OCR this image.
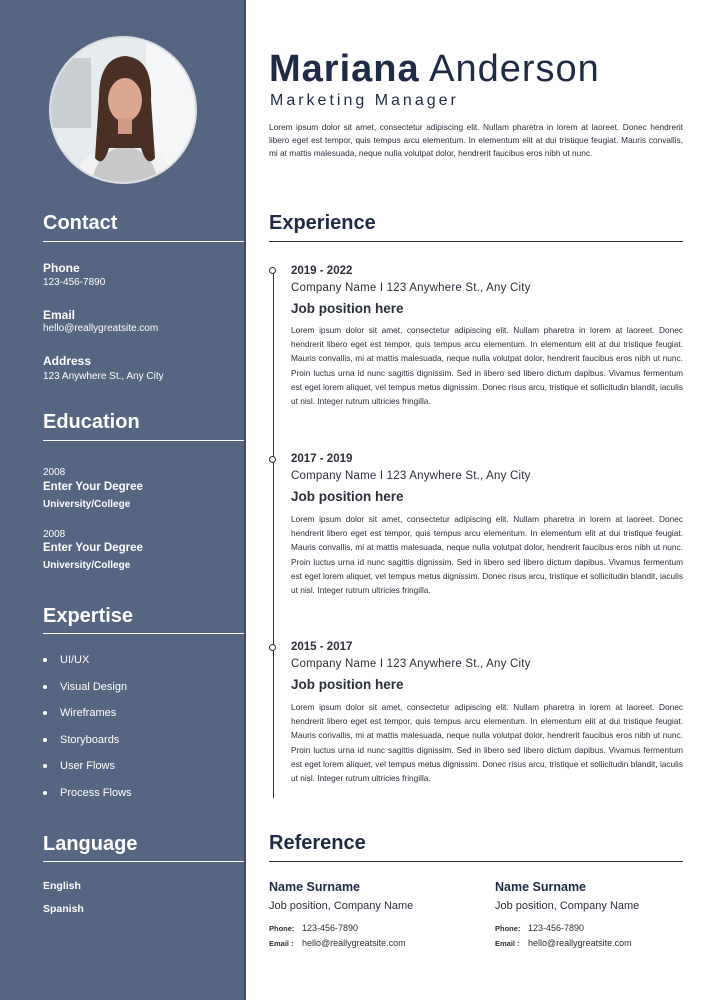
Contact
Phone
123-456-7890
Email
hello@reallygreatsite.com
Address
123 Anywhere St., Any City
Education
2008
Enter Your Degree
University/College
2008
Enter Your Degree
University/College
Expertise
UI/UX
Visual Design
Wireframes
Storyboards
User Flows
Process Flows
Language
English
Spanish
Mariana Anderson
Marketing Manager
Lorem ipsum dolor sit amet, consectetur adipiscing elit. Nullam pharetra in lorem at laoreet. Donec hendrerit libero eget est tempor, quis tempus arcu elementum. In elementum elit at dui tristique feugiat. Mauris convallis, mi at mattis malesuada, neque nulla volutpat dolor, hendrerit faucibus eros nibh ut nunc.
Experience
2019 - 2022
Company Name I 123 Anywhere St., Any City
Job position here
Lorem ipsum dolor sit amet, consectetur adipiscing elit. Nullam pharetra in lorem at laoreet. Donec hendrerit libero eget est tempor, quis tempus arcu elementum. In elementum elit at dui tristique feugiat. Mauris convallis, mi at mattis malesuada, neque nulla volutpat dolor, hendrerit faucibus eros nibh ut nunc. Proin luctus urna id nunc sagittis dignissim. Sed in libero sed libero dictum dapibus. Vivamus fermentum est eget lorem aliquet, vel tempus metus dignissim. Donec risus arcu, tristique et sollicitudin blandit, iaculis ut nisl. Integer rutrum ultricies fringilla.
2017 - 2019
Company Name I 123 Anywhere St., Any City
Job position here
Lorem ipsum dolor sit amet, consectetur adipiscing elit. Nullam pharetra in lorem at laoreet. Donec hendrerit libero eget est tempor, quis tempus arcu elementum. In elementum elit at dui tristique feugiat. Mauris convallis, mi at mattis malesuada, neque nulla volutpat dolor, hendrerit faucibus eros nibh ut nunc. Proin luctus urna id nunc sagittis dignissim. Sed in libero sed libero dictum dapibus. Vivamus fermentum est eget lorem aliquet, vel tempus metus dignissim. Donec risus arcu, tristique et sollicitudin blandit, iaculis ut nisl. Integer rutrum ultricies fringilla.
2015 - 2017
Company Name I 123 Anywhere St., Any City
Job position here
Lorem ipsum dolor sit amet, consectetur adipiscing elit. Nullam pharetra in lorem at laoreet. Donec hendrerit libero eget est tempor, quis tempus arcu elementum. In elementum elit at dui tristique feugiat. Mauris convallis, mi at mattis malesuada, neque nulla volutpat dolor, hendrerit faucibus eros nibh ut nunc. Proin luctus urna id nunc sagittis dignissim. Sed in libero sed libero dictum dapibus. Vivamus fermentum est eget lorem aliquet, vel tempus metus dignissim. Donec risus arcu, tristique et sollicitudin blandit, iaculis ut nisl. Integer rutrum ultricies fringilla.
Reference
Name Surname
Job position, Company Name
Phone: 123-456-7890
Email : hello@reallygreatsite.com
Name Surname
Job position, Company Name
Phone: 123-456-7890
Email : hello@reallygreatsite.com
